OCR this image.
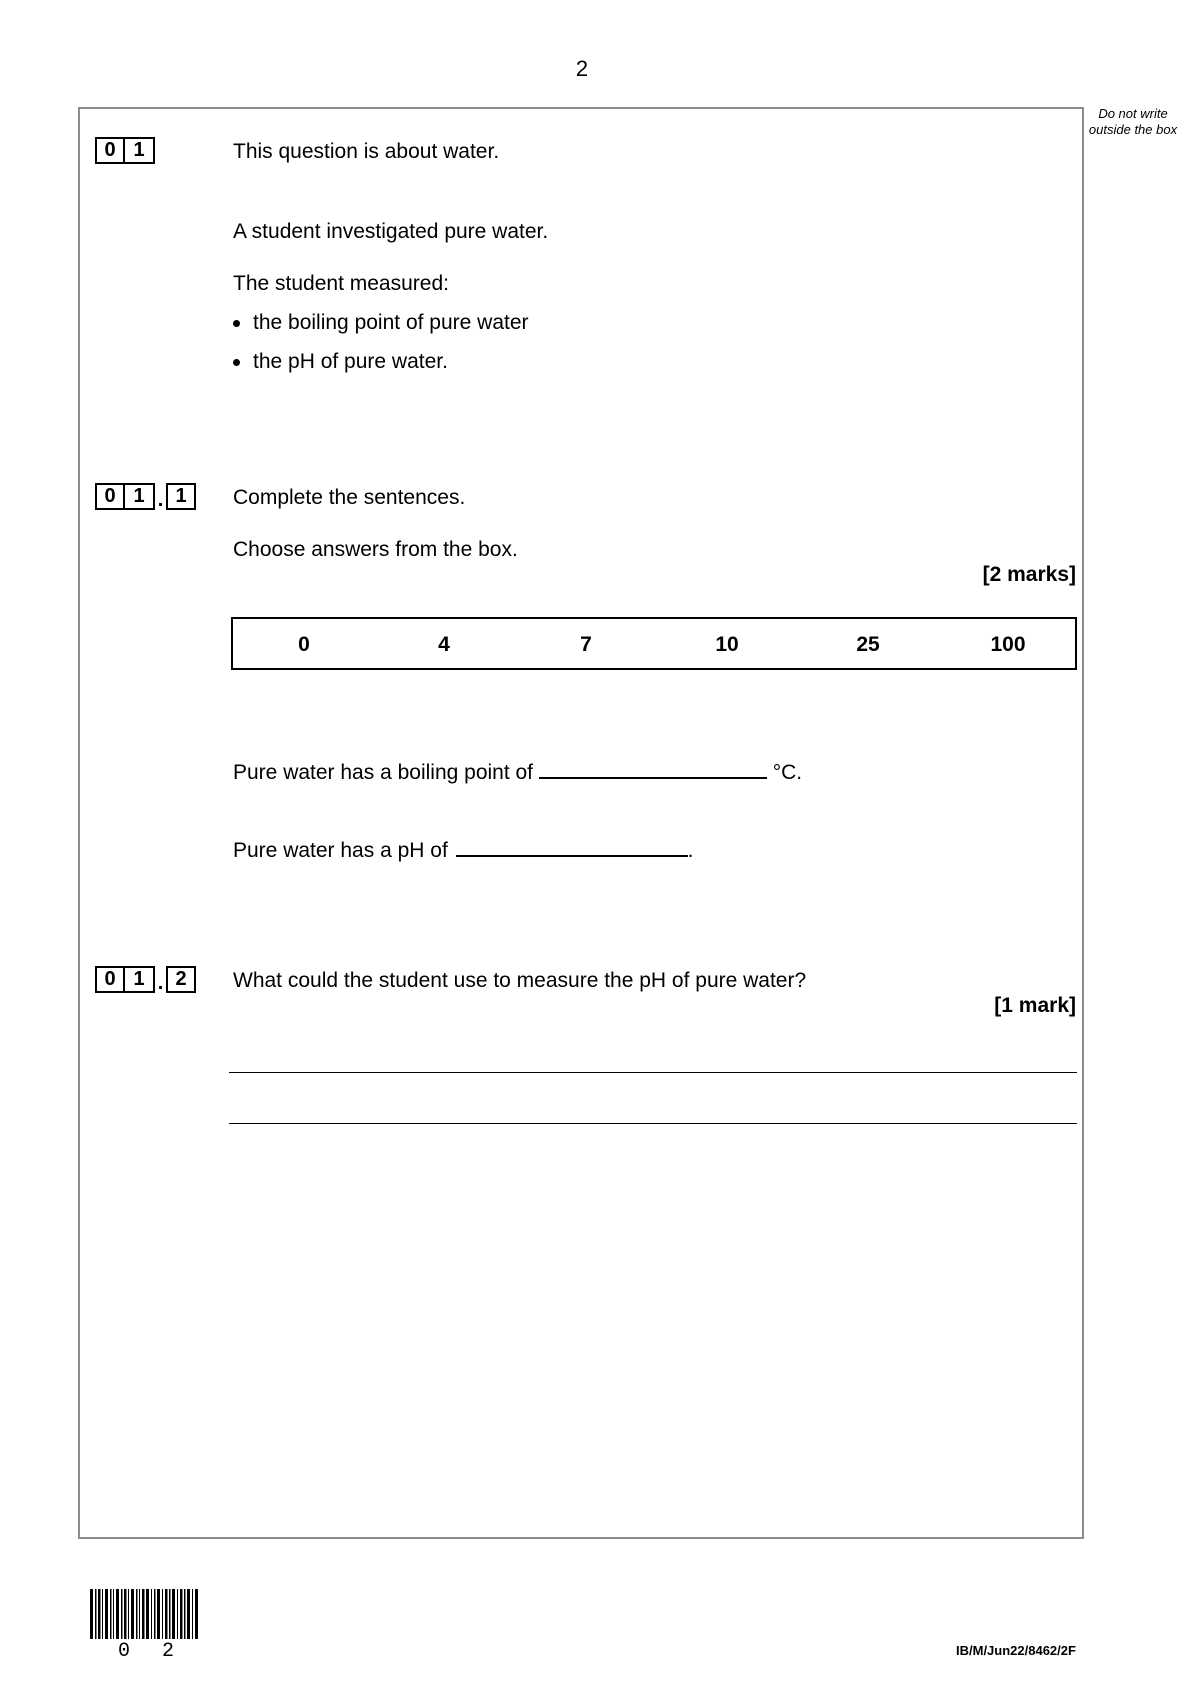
2
Do not write outside the box
0 1	This question is about water.
A student investigated pure water.
The student measured:
the boiling point of pure water
the pH of pure water.
0 1 . 1	Complete the sentences.
Choose answers from the box.
[2 marks]
0	4	7	10	25	100
Pure water has a boiling point of	°C.
Pure water has a pH of	.
0 1 . 2	What could the student use to measure the pH of pure water?
[1 mark]
0 2	IB/M/Jun22/8462/2F
